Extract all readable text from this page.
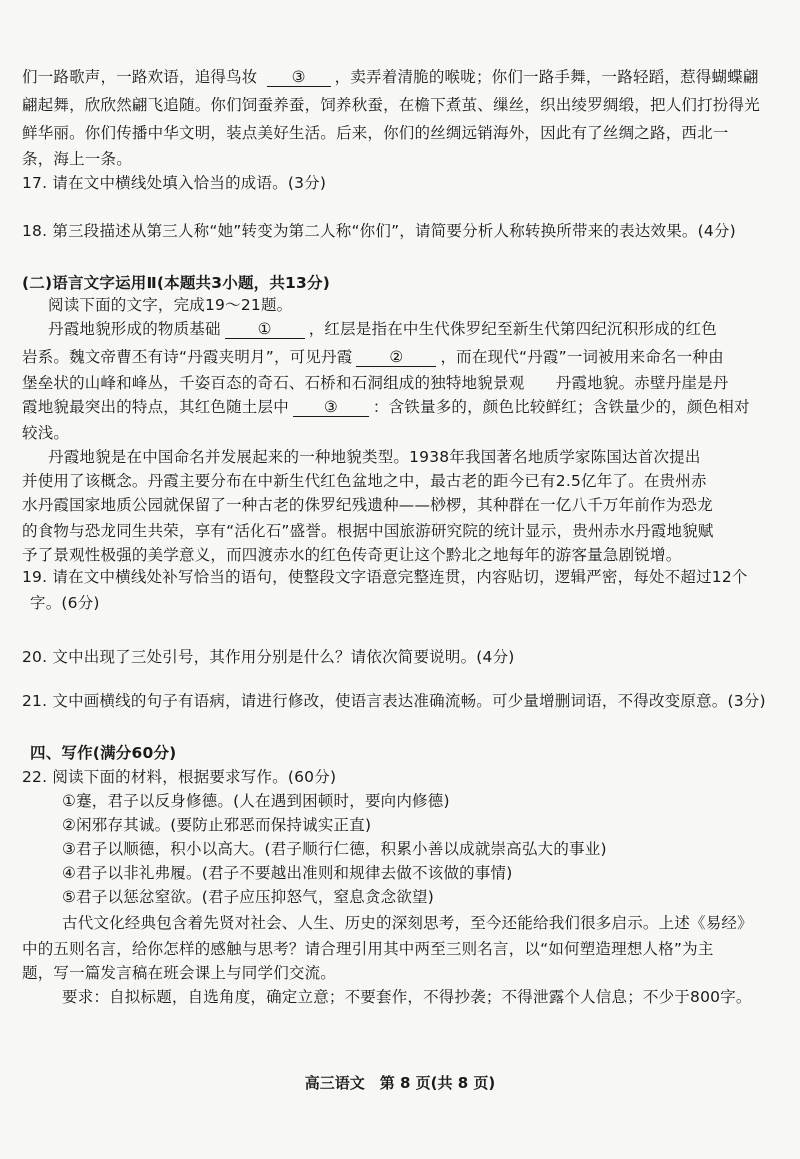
们一路歌声，一路欢语，追得鸟妆 ③ ，卖弄着清脆的喉咙；你们一路手舞，一路轻蹈，惹得蝴蝶翩
翩起舞，欣欣然翩飞追随。你们饲蚕养蚕，饲养秋蚕，在檐下煮茧、缫丝，织出绫罗绸缎，把人们打扮得光
鲜华丽。你们传播中华文明，装点美好生活。后来，你们的丝绸远销海外，因此有了丝绸之路，西北一
条，海上一条。
17. 请在文中横线处填入恰当的成语。(3分)
18. 第三段描述从第三人称“她”转变为第二人称“你们”，请简要分析人称转换所带来的表达效果。(4分)
(二)语言文字运用Ⅱ(本题共3小题，共13分)
阅读下面的文字，完成19～21题。
丹霞地貌形成的物质基础 ① ，红层是指在中生代侏罗纪至新生代第四纪沉积形成的红色
岩系。魏文帝曹丕有诗“丹霞夹明月”，可见丹霞 ② ，而在现代“丹霞”一词被用来命名一种由
堡垒状的山峰和峰丛，千姿百态的奇石、石桥和石洞组成的独特地貌景观　　丹霞地貌。赤壁丹崖是丹
霞地貌最突出的特点，其红色随土层中 ③ ：含铁量多的，颜色比较鲜红；含铁量少的，颜色相对
较浅。
丹霞地貌是在中国命名并发展起来的一种地貌类型。1938年我国著名地质学家陈国达首次提出
并使用了该概念。丹霞主要分布在中新生代红色盆地之中，最古老的距今已有2.5亿年了。在贵州赤
水丹霞国家地质公园就保留了一种古老的侏罗纪残遗种——桫椤，其种群在一亿八千万年前作为恐龙
的食物与恐龙同生共荣，享有“活化石”盛誉。根据中国旅游研究院的统计显示，贵州赤水丹霞地貌赋
予了景观性极强的美学意义，而四渡赤水的红色传奇更让这个黔北之地每年的游客量急剧锐增。
19. 请在文中横线处补写恰当的语句，使整段文字语意完整连贯，内容贴切，逻辑严密，每处不超过12个
字。(6分)
20. 文中出现了三处引号，其作用分别是什么？请依次简要说明。(4分)
21. 文中画横线的句子有语病，请进行修改，使语言表达准确流畅。可少量增删词语，不得改变原意。(3分)
四、写作(满分60分)
22. 阅读下面的材料，根据要求写作。(60分)
①蹇，君子以反身修德。(人在遇到困顿时，要向内修德)
②闲邪存其诚。(要防止邪恶而保持诚实正直)
③君子以顺德，积小以高大。(君子顺行仁德，积累小善以成就崇高弘大的事业)
④君子以非礼弗履。(君子不要越出准则和规律去做不该做的事情)
⑤君子以惩忿窒欲。(君子应压抑怒气，窒息贪念欲望)
古代文化经典包含着先贤对社会、人生、历史的深刻思考，至今还能给我们很多启示。上述《易经》
中的五则名言，给你怎样的感触与思考？请合理引用其中两至三则名言，以“如何塑造理想人格”为主
题，写一篇发言稿在班会课上与同学们交流。
要求：自拟标题，自选角度，确定立意；不要套作，不得抄袭；不得泄露个人信息；不少于800字。
高三语文　第 8 页(共 8 页)
